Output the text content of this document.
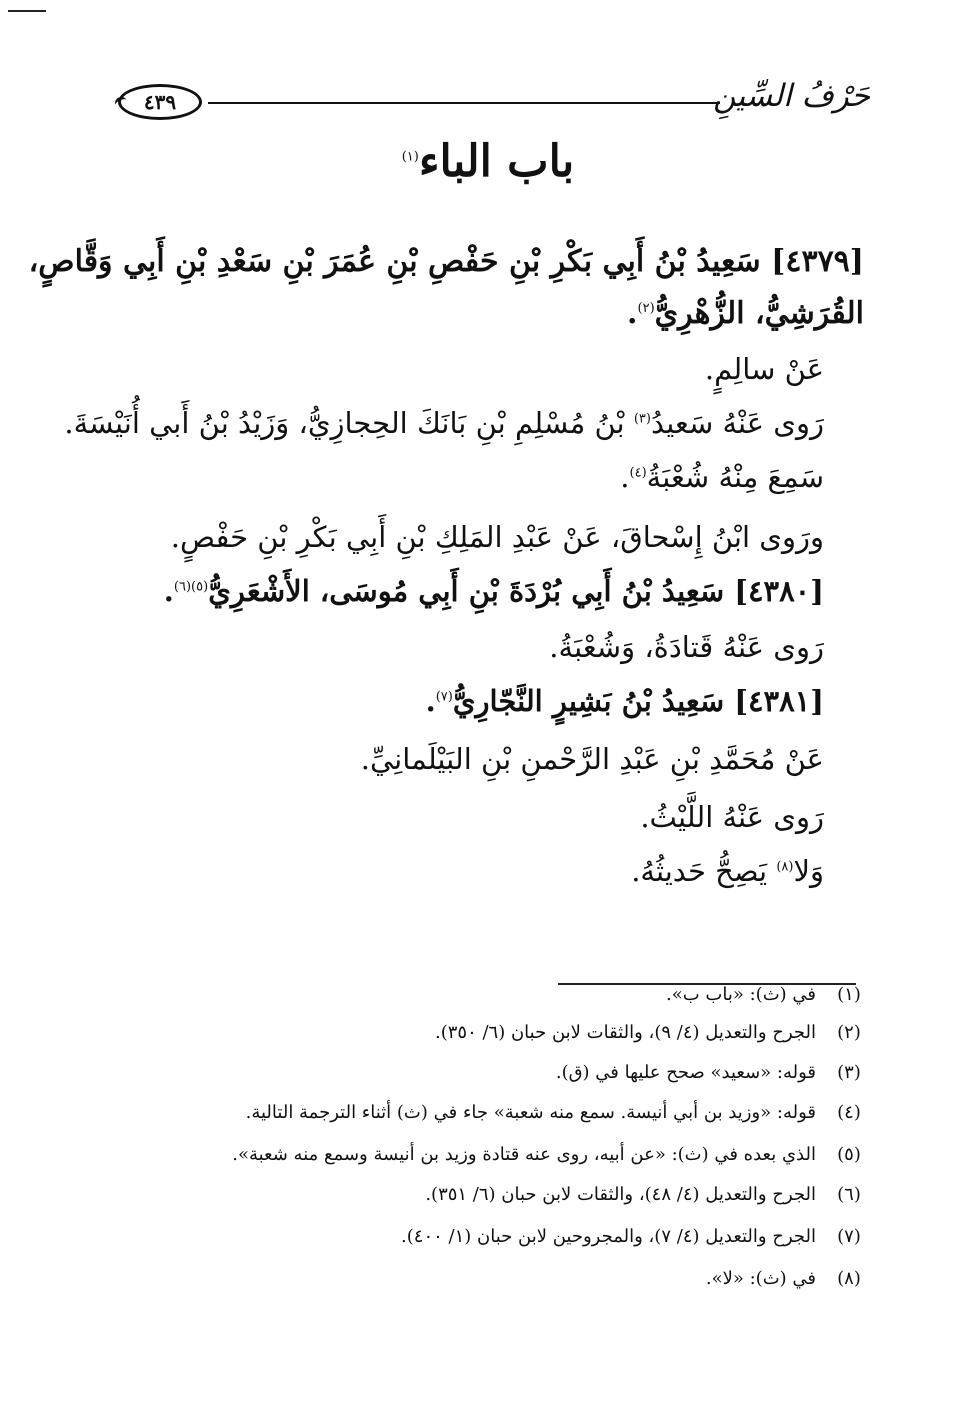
٤٣٩	حَرْفُ السِّينِ
باب الباء$^{(١)}$
[٤٣٧٩] سَعِيدُ بْنُ أَبِي بَكْرِ بْنِ حَفْصِ بْنِ عُمَرَ بْنِ سَعْدِ بْنِ أَبِي وَقَّاصٍ،
القُرَشِيُّ، الزُّهْرِيُّ$^{(٢)}$.
عَنْ سالِمٍ.
رَوى عَنْهُ سَعيدُ$^{(٣)}$ بْنُ مُسْلِمِ بْنِ بَانَكَ الحِجازِيُّ، وَزَيْدُ بْنُ أَبي أُنَيْسَةَ.
سَمِعَ مِنْهُ شُعْبَةُ$^{(٤)}$.
ورَوى ابْنُ إِسْحاقَ، عَنْ عَبْدِ المَلِكِ بْنِ أَبِي بَكْرِ بْنِ حَفْصٍ.
[٤٣٨٠] سَعِيدُ بْنُ أَبِي بُرْدَةَ بْنِ أَبِي مُوسَى، الأَشْعَرِيُّ$^{(٥)(٦)}$.
رَوى عَنْهُ قَتادَةُ، وَشُعْبَةُ.
[٤٣٨١] سَعِيدُ بْنُ بَشِيرٍ النَّجّارِيُّ$^{(٧)}$.
عَنْ مُحَمَّدِ بْنِ عَبْدِ الرَّحْمنِ بْنِ البَيْلَمانِيِّ.
رَوى عَنْهُ اللَّيْثُ.
وَلا$^{(٨)}$ يَصِحُّ حَديثُهُ.
(١)
في (ث): «باب ب».
(٢)
الجرح والتعديل (٤/ ٩)، والثقات لابن حبان (٦/ ٣٥٠).
(٣)
قوله: «سعيد» صحح عليها في (ق).
(٤)
قوله: «وزيد بن أبي أنيسة. سمع منه شعبة» جاء في (ث) أثناء الترجمة التالية.
(٥)
الذي بعده في (ث): «عن أبيه، روى عنه قتادة وزيد بن أنيسة وسمع منه شعبة».
(٦)
الجرح والتعديل (٤/ ٤٨)، والثقات لابن حبان (٦/ ٣٥١).
(٧)
الجرح والتعديل (٤/ ٧)، والمجروحين لابن حبان (١/ ٤٠٠).
(٨)
في (ث): «لا».
